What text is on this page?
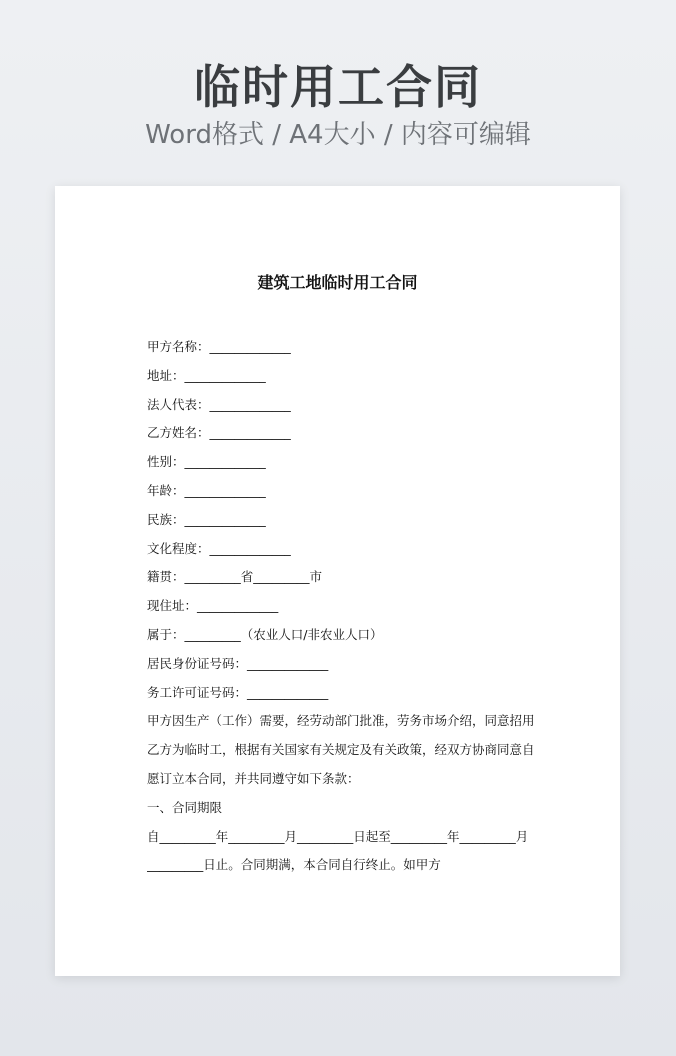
临时用工合同
Word格式 / A4大小 / 内容可编辑
建筑工地临时用工合同
甲方名称：_____________
地址：_____________
法人代表：_____________
乙方姓名：_____________
性别：_____________
年龄：_____________
民族：_____________
文化程度：_____________
籍贯：_________省_________市
现住址：_____________
属于：_________（农业人口/非农业人口）
居民身份证号码：_____________
务工许可证号码：_____________
甲方因生产（工作）需要，经劳动部门批准，劳务市场介绍，同意招用乙方为临时工，根据有关国家有关规定及有关政策，经双方协商同意自愿订立本合同，并共同遵守如下条款：
一、合同期限
自_________年_________月_________日起至_________年_________月_________日止。合同期满，本合同自行终止。如甲方
